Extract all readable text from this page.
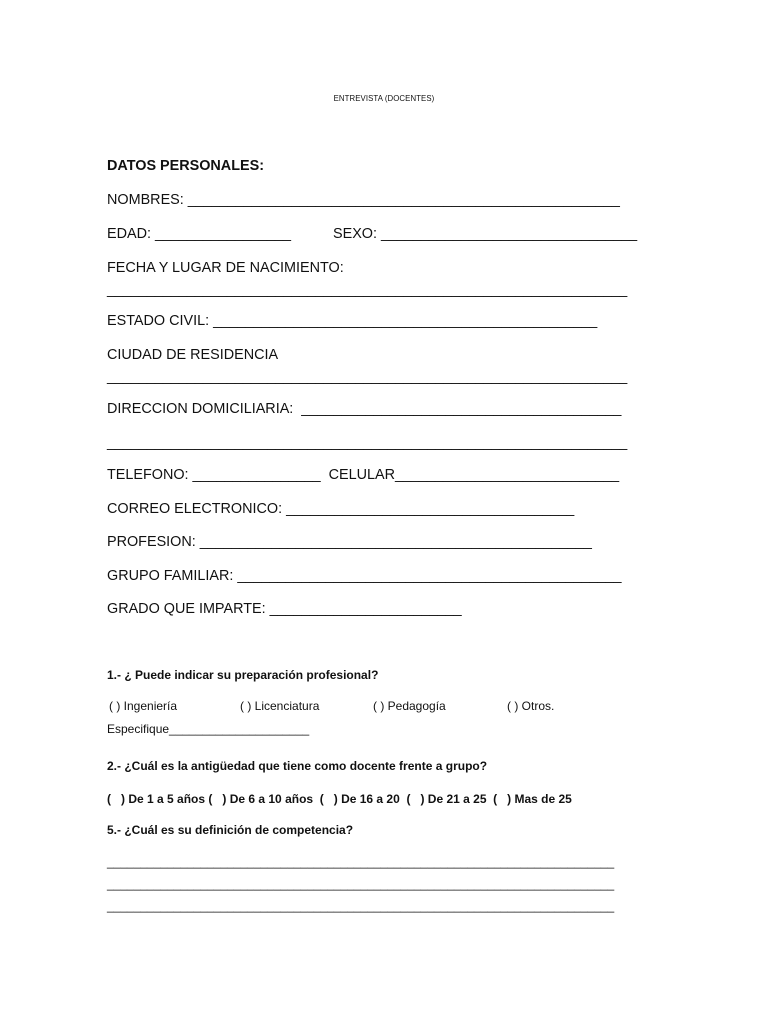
ENTREVISTA (DOCENTES)
DATOS PERSONALES:
NOMBRES: ______________________________________________________
EDAD: _________________	SEXO: ________________________________
FECHA Y LUGAR DE NACIMIENTO:
_________________________________________________________________
ESTADO CIVIL: ________________________________________________
CIUDAD DE RESIDENCIA
_________________________________________________________________
DIRECCION DOMICILIARIA:  ________________________________________
_________________________________________________________________
TELEFONO: ________________  CELULAR____________________________
CORREO ELECTRONICO: ____________________________________
PROFESION: _________________________________________________
GRUPO FAMILIAR: ________________________________________________
GRADO QUE IMPARTE: ________________________
1.- ¿ Puede indicar su preparación profesional?
( ) Ingeniería	( ) Licenciatura	( ) Pedagogía	( ) Otros.
Especifique_____________________
2.- ¿Cuál es la antigüedad que tiene como docente frente a grupo?
(   ) De 1 a 5 años (   ) De 6 a 10 años  (   ) De 16 a 20  (   ) De 21 a 25  (   ) Mas de 25
5.- ¿Cuál es su definición de competencia?
____________________________________________________________________________
____________________________________________________________________________
____________________________________________________________________________
